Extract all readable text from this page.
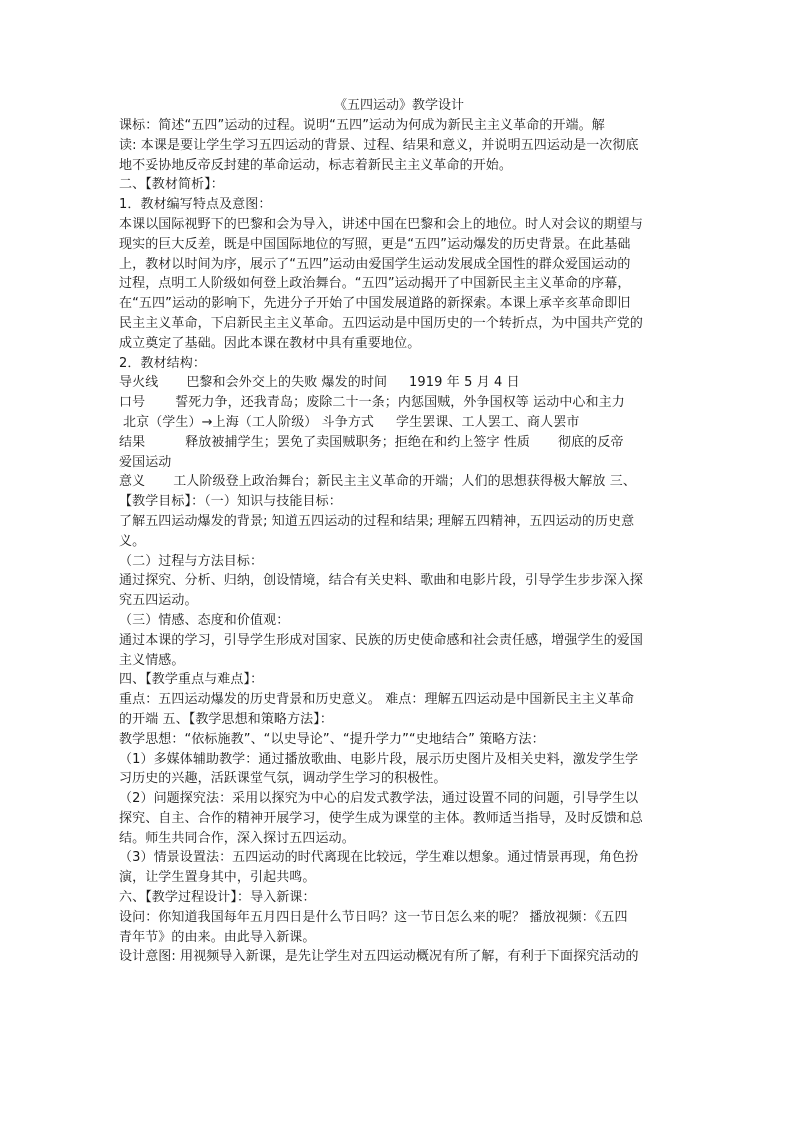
《五四运动》教学设计

课标：简述“五四”运动的过程。说明“五四”运动为何成为新民主主义革命的开端。解

读: 本课是要让学生学习五四运动的背景、过程、结果和意义，并说明五四运动是一次彻底

地不妥协地反帝反封建的革命运动，标志着新民主主义革命的开始。

二、【教材简析】：

1．教材编写特点及意图：

本课以国际视野下的巴黎和会为导入，讲述中国在巴黎和会上的地位。时人对会议的期望与

现实的巨大反差，既是中国国际地位的写照，更是“五四”运动爆发的历史背景。在此基础

上，教材以时间为序，展示了“五四”运动由爱国学生运动发展成全国性的群众爱国运动的

过程，点明工人阶级如何登上政治舞台。“五四”运动揭开了中国新民主主义革命的序幕，

在“五四”运动的影响下，先进分子开始了中国发展道路的新探索。本课上承辛亥革命即旧

民主主义革命，下启新民主主义革命。五四运动是中国历史的一个转折点，为中国共产党的

成立奠定了基础。因此本课在教材中具有重要地位。

2．教材结构：

导火线 巴黎和会外交上的失败 爆发的时间 1919 年 5 月 4 日

口号 誓死力争，还我青岛；废除二十一条；内惩国贼，外争国权等 运动中心和主力

北京（学生）→上海（工人阶级） 斗争方式 学生罢课、工人罢工、商人罢市

结果	释放被捕学生；罢免了卖国贼职务；拒绝在和约上签字 性质 彻底的反帝

爱国运动

意义 工人阶级登上政治舞台；新民主主义革命的开端；人们的思想获得极大解放 三、

【教学目标】：（一）知识与技能目标：

了解五四运动爆发的背景; 知道五四运动的过程和结果; 理解五四精神，五四运动的历史意

义。

（二）过程与方法目标：

通过探究、分析、归纳，创设情境，结合有关史料、歌曲和电影片段，引导学生步步深入探

究五四运动。

（三）情感、态度和价值观：

通过本课的学习，引导学生形成对国家、民族的历史使命感和社会责任感，增强学生的爱国

主义情感。

四、【教学重点与难点】：

重点：五四运动爆发的历史背景和历史意义。 难点：理解五四运动是中国新民主主义革命

的开端 五、【教学思想和策略方法】：

教学思想：“依标施教”、“以史导论”、“提升学力”“史地结合” 策略方法：

（1）多媒体辅助教学：通过播放歌曲、电影片段，展示历史图片及相关史料，激发学生学

习历史的兴趣，活跃课堂气氛，调动学生学习的积极性。

（2）问题探究法：采用以探究为中心的启发式教学法，通过设置不同的问题，引导学生以

探究、自主、合作的精神开展学习，使学生成为课堂的主体。教师适当指导，及时反馈和总

结。师生共同合作，深入探讨五四运动。

（3）情景设置法：五四运动的时代离现在比较远，学生难以想象。通过情景再现，角色扮

演，让学生置身其中，引起共鸣。

六、【教学过程设计】：导入新课：

设问：你知道我国每年五月四日是什么节日吗？这一节日怎么来的呢？ 播放视频：《五四

青年节》的由来。由此导入新课。

设计意图: 用视频导入新课，是先让学生对五四运动概况有所了解，有利于下面探究活动的
